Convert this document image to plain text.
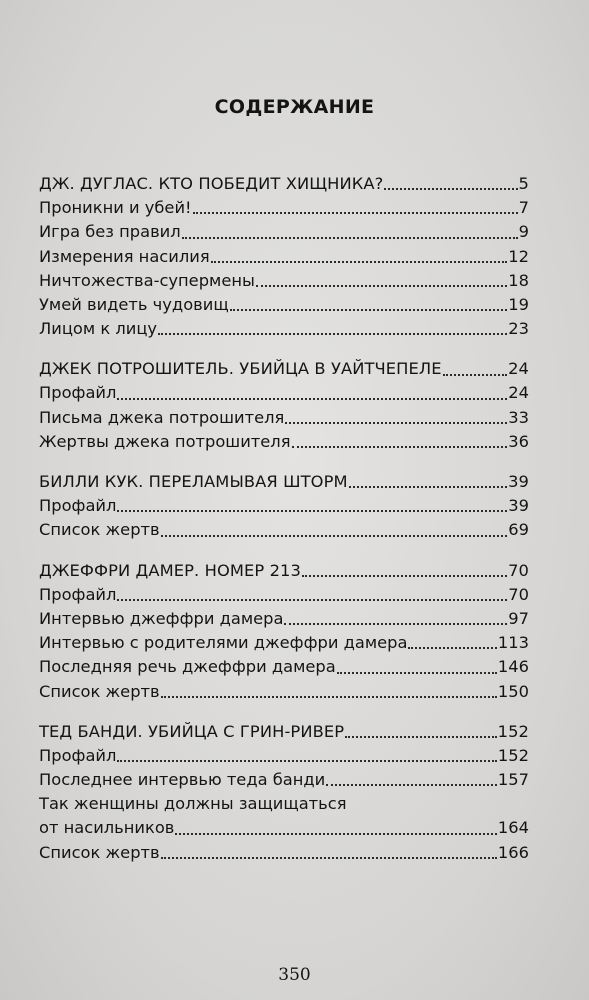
СОДЕРЖАНИЕ
ДЖ. ДУГЛАС. КТО ПОБЕДИТ ХИЩНИКА?	5
Проникни и убей!	7
Игра без правил	9
Измерения насилия	12
Ничтожества-супермены	18
Умей видеть чудовищ	19
Лицом к лицу	23
ДЖЕК ПОТРОШИТЕЛЬ. УБИЙЦА В УАЙТЧЕПЕЛЕ	24
Профайл	24
Письма джека потрошителя	33
Жертвы джека потрошителя	36
БИЛЛИ КУК. ПЕРЕЛАМЫВАЯ ШТОРМ	39
Профайл	39
Список жертв	69
ДЖЕФФРИ ДАМЕР. НОМЕР 213	70
Профайл	70
Интервью джеффри дамера	97
Интервью с родителями джеффри дамера	113
Последняя речь джеффри дамера	146
Список жертв	150
ТЕД БАНДИ. УБИЙЦА С ГРИН-РИВЕР	152
Профайл	152
Последнее интервью теда банди	157
Так женщины должны защищаться
от насильников	164
Список жертв	166
350
